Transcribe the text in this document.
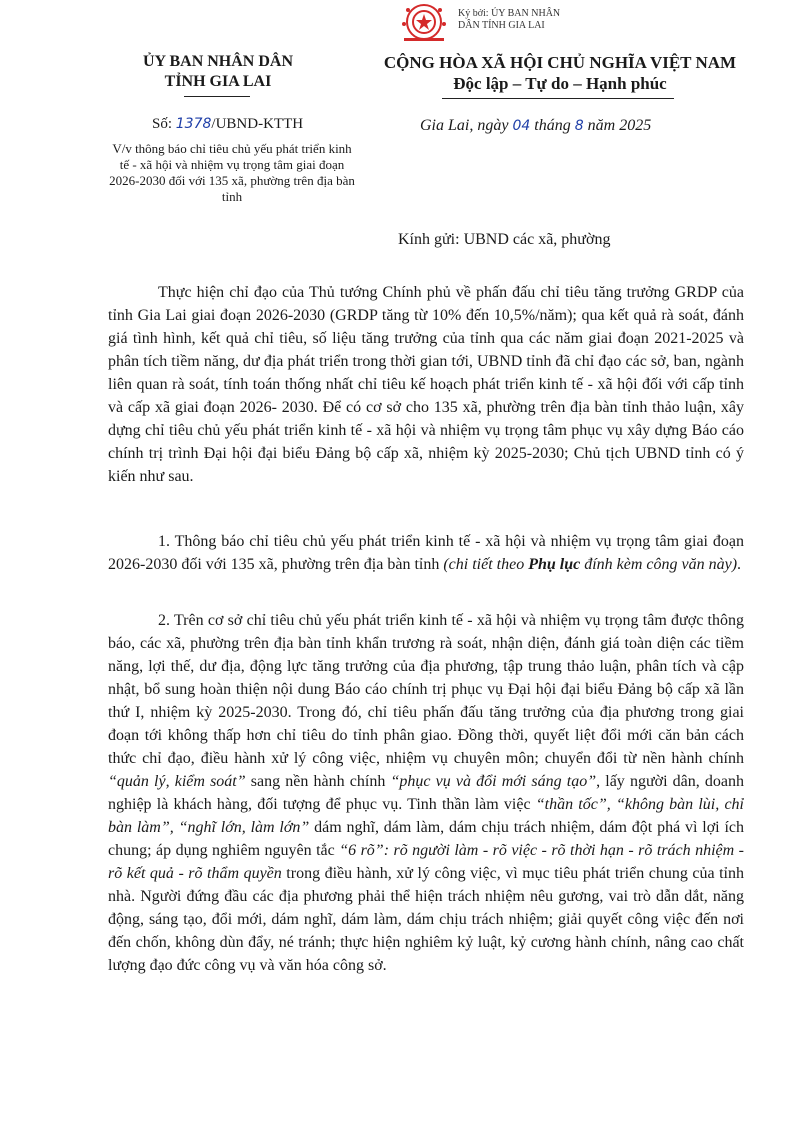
Ký bởi: ỦY BAN NHÂN
DÂN TỈNH GIA LAI
ỦY BAN NHÂN DÂN
TỈNH GIA LAI
CỘNG HÒA XÃ HỘI CHỦ NGHĨA VIỆT NAM
Độc lập – Tự do – Hạnh phúc
Số: 1378/UBND-KTTH
V/v thông báo chỉ tiêu chủ yếu phát triển kinh tế - xã hội và nhiệm vụ trọng tâm giai đoạn 2026-2030 đối với 135 xã, phường trên địa bàn tỉnh
Gia Lai, ngày 04 tháng 8 năm 2025
Kính gửi: UBND các xã, phường
Thực hiện chỉ đạo của Thủ tướng Chính phủ về phấn đấu chỉ tiêu tăng trưởng GRDP của tỉnh Gia Lai giai đoạn 2026-2030 (GRDP tăng từ 10% đến 10,5%/năm); qua kết quả rà soát, đánh giá tình hình, kết quả chỉ tiêu, số liệu tăng trưởng của tỉnh qua các năm giai đoạn 2021-2025 và phân tích tiềm năng, dư địa phát triển trong thời gian tới, UBND tỉnh đã chỉ đạo các sở, ban, ngành liên quan rà soát, tính toán thống nhất chỉ tiêu kế hoạch phát triển kinh tế - xã hội đối với cấp tỉnh và cấp xã giai đoạn 2026- 2030. Để có cơ sở cho 135 xã, phường trên địa bàn tỉnh thảo luận, xây dựng chỉ tiêu chủ yếu phát triển kinh tế - xã hội và nhiệm vụ trọng tâm phục vụ xây dựng Báo cáo chính trị trình Đại hội đại biểu Đảng bộ cấp xã, nhiệm kỳ 2025-2030; Chủ tịch UBND tỉnh có ý kiến như sau.
1. Thông báo chỉ tiêu chủ yếu phát triển kinh tế - xã hội và nhiệm vụ trọng tâm giai đoạn 2026-2030 đối với 135 xã, phường trên địa bàn tỉnh (chi tiết theo Phụ lục đính kèm công văn này).
2. Trên cơ sở chỉ tiêu chủ yếu phát triển kinh tế - xã hội và nhiệm vụ trọng tâm được thông báo, các xã, phường trên địa bàn tỉnh khẩn trương rà soát, nhận diện, đánh giá toàn diện các tiềm năng, lợi thế, dư địa, động lực tăng trưởng của địa phương, tập trung thảo luận, phân tích và cập nhật, bổ sung hoàn thiện nội dung Báo cáo chính trị phục vụ Đại hội đại biểu Đảng bộ cấp xã lần thứ I, nhiệm kỳ 2025-2030. Trong đó, chỉ tiêu phấn đấu tăng trưởng của địa phương trong giai đoạn tới không thấp hơn chỉ tiêu do tỉnh phân giao. Đồng thời, quyết liệt đổi mới căn bản cách thức chỉ đạo, điều hành xử lý công việc, nhiệm vụ chuyên môn; chuyển đổi từ nền hành chính “quản lý, kiểm soát” sang nền hành chính “phục vụ và đổi mới sáng tạo”, lấy người dân, doanh nghiệp là khách hàng, đối tượng để phục vụ. Tinh thần làm việc “thần tốc”, “không bàn lùi, chỉ bàn làm”, “nghĩ lớn, làm lớn” dám nghĩ, dám làm, dám chịu trách nhiệm, dám đột phá vì lợi ích chung; áp dụng nghiêm nguyên tắc “6 rõ”: rõ người làm - rõ việc - rõ thời hạn - rõ trách nhiệm - rõ kết quả - rõ thẩm quyền trong điều hành, xử lý công việc, vì mục tiêu phát triển chung của tỉnh nhà. Người đứng đầu các địa phương phải thể hiện trách nhiệm nêu gương, vai trò dẫn dắt, năng động, sáng tạo, đổi mới, dám nghĩ, dám làm, dám chịu trách nhiệm; giải quyết công việc đến nơi đến chốn, không dùn đẩy, né tránh; thực hiện nghiêm kỷ luật, kỷ cương hành chính, nâng cao chất lượng đạo đức công vụ và văn hóa công sở.
